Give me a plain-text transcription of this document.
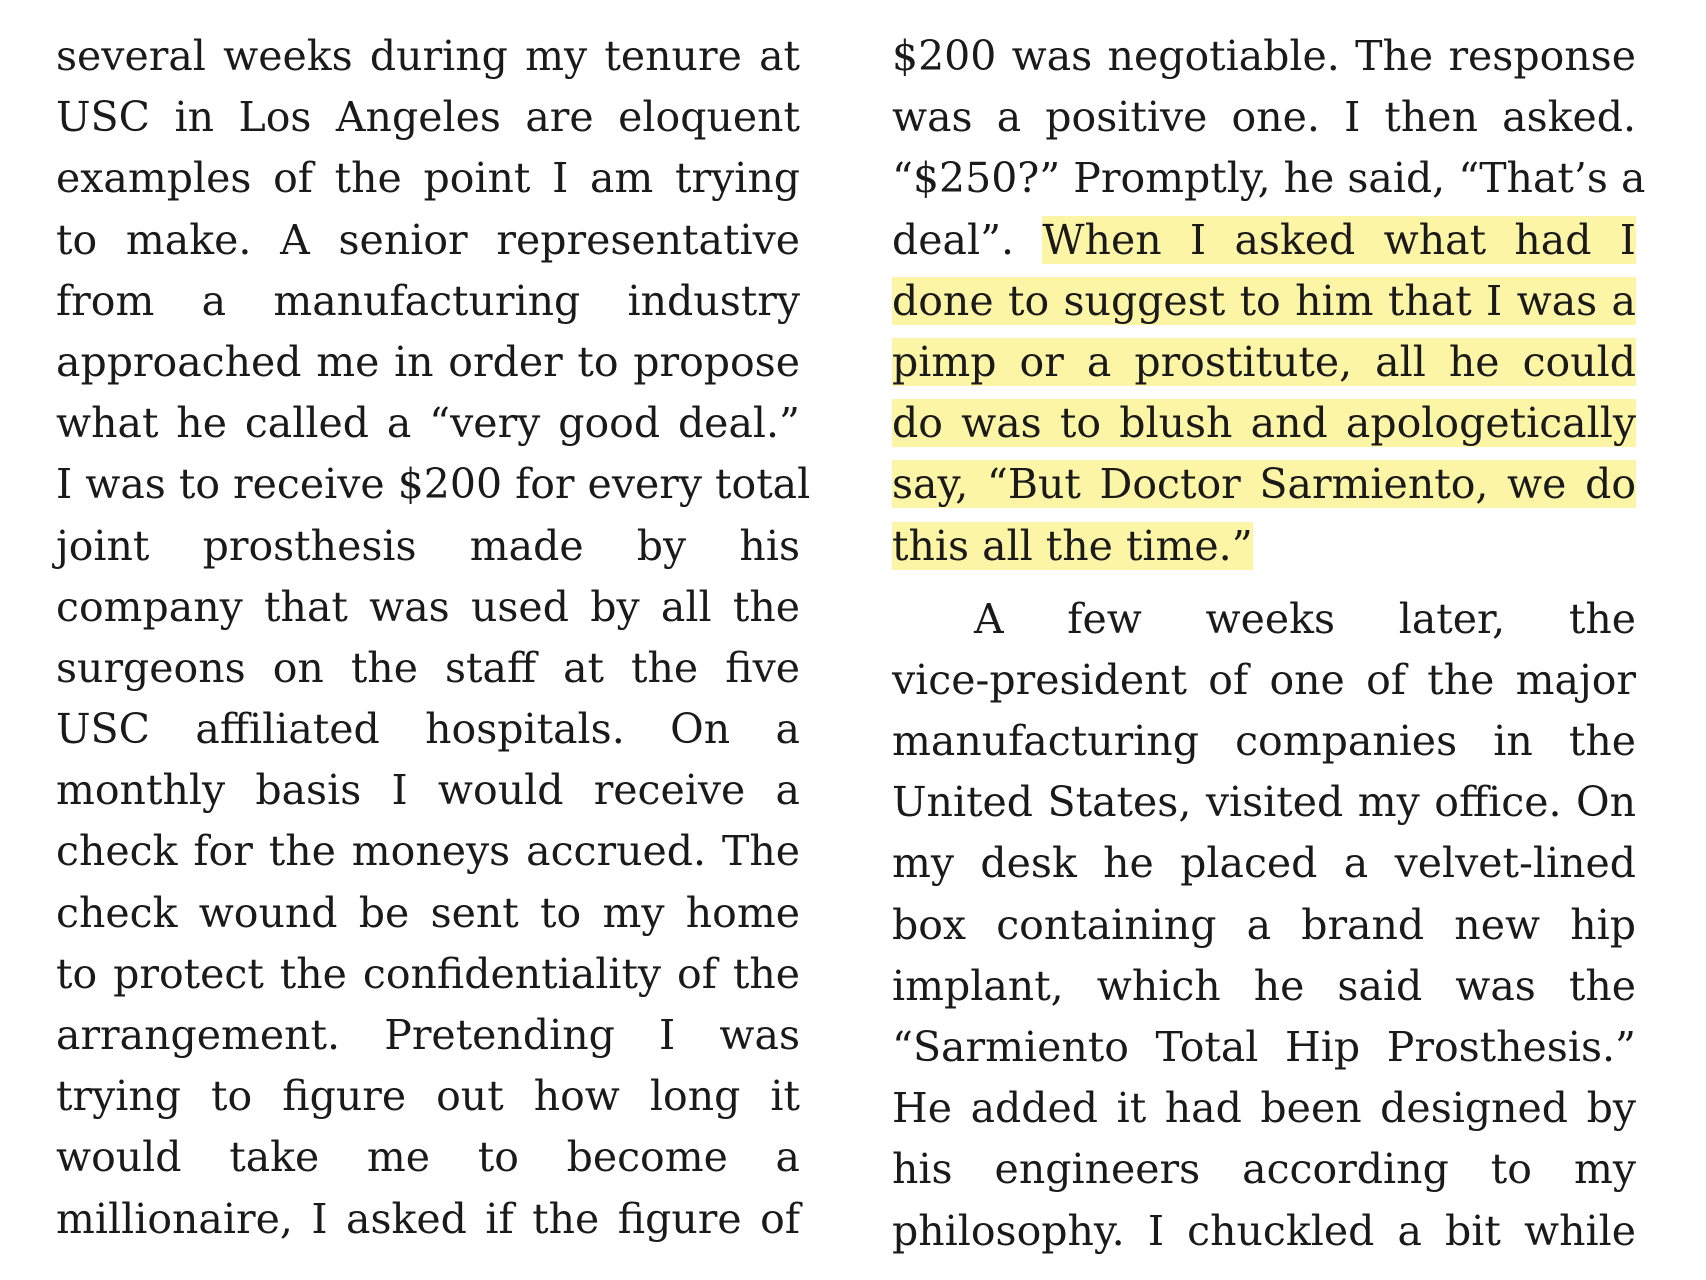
several weeks during my tenure at
USC in Los Angeles are eloquent
examples of the point I am trying
to make. A senior representative
from a manufacturing industry
approached me in order to propose
what he called a “very good deal.”
I was to receive $200 for every total
joint prosthesis made by his
company that was used by all the
surgeons on the staff at the five
USC affiliated hospitals. On a
monthly basis I would receive a
check for the moneys accrued. The
check wound be sent to my home
to protect the confidentiality of the
arrangement. Pretending I was
trying to figure out how long it
would take me to become a
millionaire, I asked if the figure of
$200 was negotiable. The response
was a positive one. I then asked.
“$250?” Promptly, he said, “That’s a
deal”. When I asked what had I
done to suggest to him that I was a
pimp or a prostitute, all he could
do was to blush and apologetically
say, “But Doctor Sarmiento, we do
this all the time.”
A few weeks later, the
vice-president of one of the major
manufacturing companies in the
United States, visited my office. On
my desk he placed a velvet-lined
box containing a brand new hip
implant, which he said was the
“Sarmiento Total Hip Prosthesis.”
He added it had been designed by
his engineers according to my
philosophy. I chuckled a bit while
